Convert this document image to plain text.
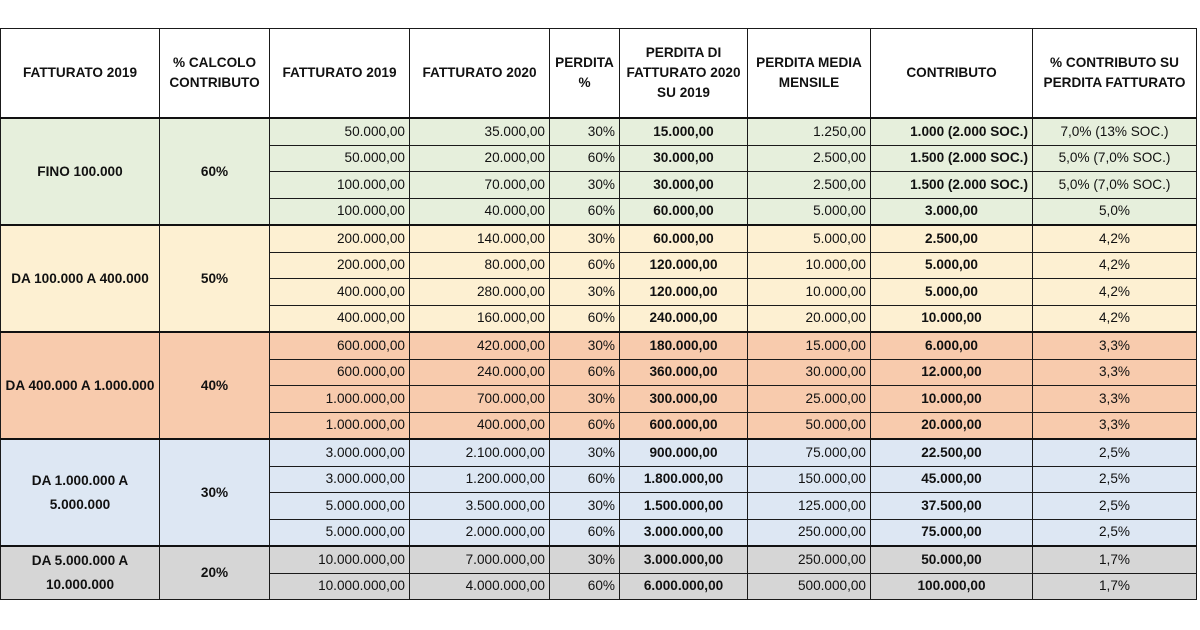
FATTURATO 2019	% CALCOLO CONTRIBUTO	FATTURATO 2019	FATTURATO 2020	PERDITA %	PERDITA DI FATTURATO 2020 SU 2019	PERDITA MEDIA MENSILE	CONTRIBUTO	% CONTRIBUTO SU PERDITA FATTURATO
FINO 100.000	60%	50.000,00	35.000,00	30%	15.000,00	1.250,00	1.000 (2.000 SOC.)	7,0% (13% SOC.)
		50.000,00	20.000,00	60%	30.000,00	2.500,00	1.500 (2.000 SOC.)	5,0% (7,0% SOC.)
		100.000,00	70.000,00	30%	30.000,00	2.500,00	1.500 (2.000 SOC.)	5,0% (7,0% SOC.)
		100.000,00	40.000,00	60%	60.000,00	5.000,00	3.000,00	5,0%
DA 100.000 A 400.000	50%	200.000,00	140.000,00	30%	60.000,00	5.000,00	2.500,00	4,2%
		200.000,00	80.000,00	60%	120.000,00	10.000,00	5.000,00	4,2%
		400.000,00	280.000,00	30%	120.000,00	10.000,00	5.000,00	4,2%
		400.000,00	160.000,00	60%	240.000,00	20.000,00	10.000,00	4,2%
DA 400.000 A 1.000.000	40%	600.000,00	420.000,00	30%	180.000,00	15.000,00	6.000,00	3,3%
		600.000,00	240.000,00	60%	360.000,00	30.000,00	12.000,00	3,3%
		1.000.000,00	700.000,00	30%	300.000,00	25.000,00	10.000,00	3,3%
		1.000.000,00	400.000,00	60%	600.000,00	50.000,00	20.000,00	3,3%
DA 1.000.000 A 5.000.000	30%	3.000.000,00	2.100.000,00	30%	900.000,00	75.000,00	22.500,00	2,5%
		3.000.000,00	1.200.000,00	60%	1.800.000,00	150.000,00	45.000,00	2,5%
		5.000.000,00	3.500.000,00	30%	1.500.000,00	125.000,00	37.500,00	2,5%
		5.000.000,00	2.000.000,00	60%	3.000.000,00	250.000,00	75.000,00	2,5%
DA 5.000.000 A 10.000.000	20%	10.000.000,00	7.000.000,00	30%	3.000.000,00	250.000,00	50.000,00	1,7%
		10.000.000,00	4.000.000,00	60%	6.000.000,00	500.000,00	100.000,00	1,7%
